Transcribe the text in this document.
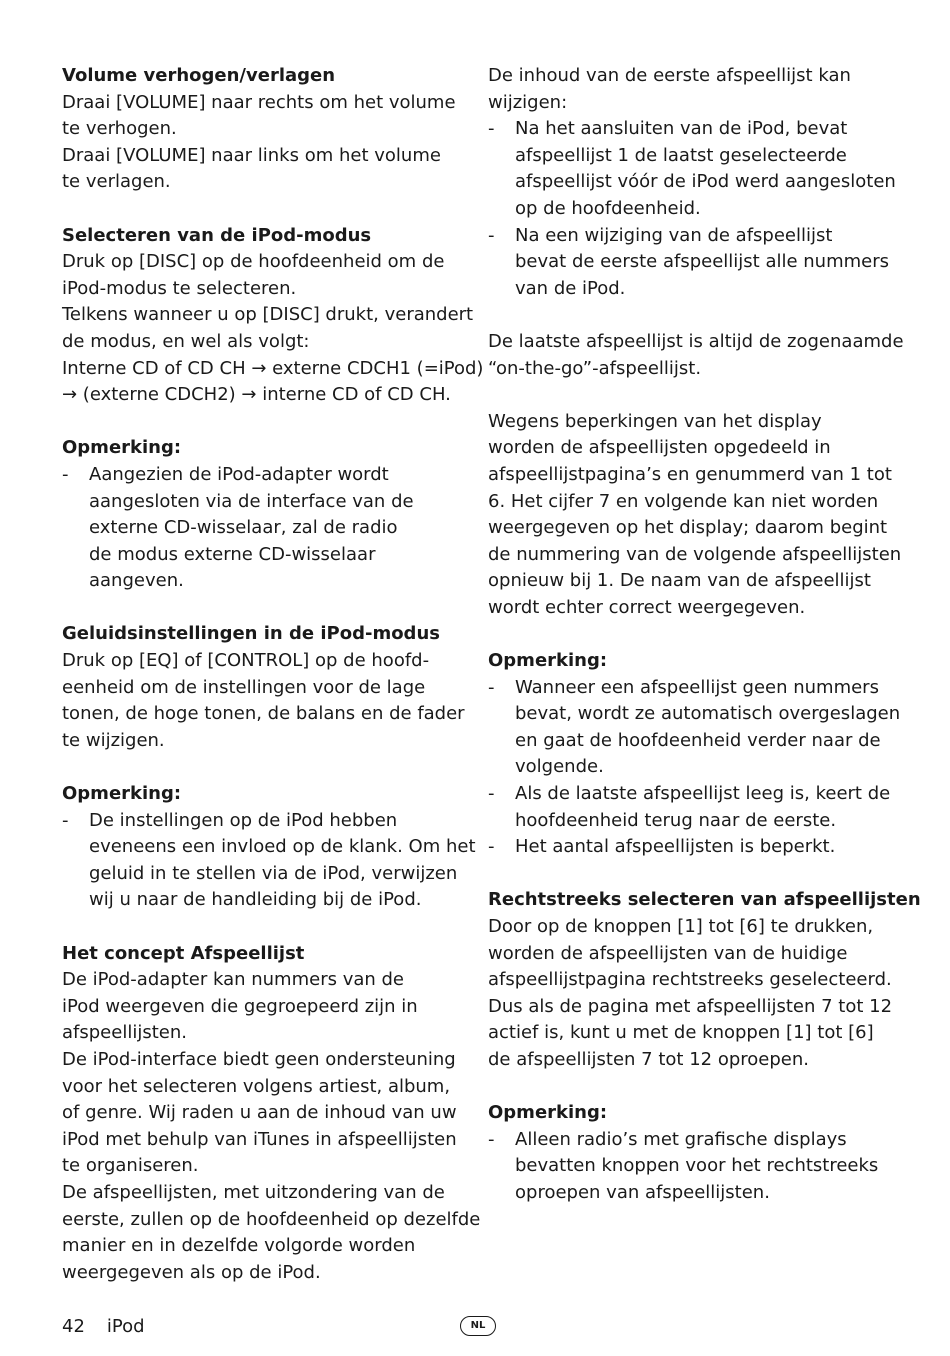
Volume verhogen/verlagen
Draai [VOLUME] naar rechts om het volume
te verhogen.
Draai [VOLUME] naar links om het volume
te verlagen.
Selecteren van de iPod-modus
Druk op [DISC] op de hoofdeenheid om de
iPod-modus te selecteren.
Telkens wanneer u op [DISC] drukt, verandert
de modus, en wel als volgt:
Interne CD of CD CH → externe CDCH1 (=iPod)
→ (externe CDCH2) → interne CD of CD CH.
Opmerking:
- Aangezien de iPod-adapter wordt
aangesloten via de interface van de
externe CD-wisselaar, zal de radio
de modus externe CD-wisselaar
aangeven.
Geluidsinstellingen in de iPod-modus
Druk op [EQ] of [CONTROL] op de hoofd-
eenheid om de instellingen voor de lage
tonen, de hoge tonen, de balans en de fader
te wijzigen.
Opmerking:
- De instellingen op de iPod hebben
eveneens een invloed op de klank. Om het
geluid in te stellen via de iPod, verwijzen
wij u naar de handleiding bij de iPod.
Het concept Afspeellijst
De iPod-adapter kan nummers van de
iPod weergeven die gegroepeerd zijn in
afspeellijsten.
De iPod-interface biedt geen ondersteuning
voor het selecteren volgens artiest, album,
of genre. Wij raden u aan de inhoud van uw
iPod met behulp van iTunes in afspeellijsten
te organiseren.
De afspeellijsten, met uitzondering van de
eerste, zullen op de hoofdeenheid op dezelfde
manier en in dezelfde volgorde worden
weergegeven als op de iPod.
De inhoud van de eerste afspeellijst kan
wijzigen:
- Na het aansluiten van de iPod, bevat
afspeellijst 1 de laatst geselecteerde
afspeellijst vóór de iPod werd aangesloten
op de hoofdeenheid.
- Na een wijziging van de afspeellijst
bevat de eerste afspeellijst alle nummers
van de iPod.
De laatste afspeellijst is altijd de zogenaamde
“on-the-go”-afspeellijst.
Wegens beperkingen van het display
worden de afspeellijsten opgedeeld in
afspeellijstpagina’s en genummerd van 1 tot
6. Het cijfer 7 en volgende kan niet worden
weergegeven op het display; daarom begint
de nummering van de volgende afspeellijsten
opnieuw bij 1. De naam van de afspeellijst
wordt echter correct weergegeven.
Opmerking:
- Wanneer een afspeellijst geen nummers
bevat, wordt ze automatisch overgeslagen
en gaat de hoofdeenheid verder naar de
volgende.
- Als de laatste afspeellijst leeg is, keert de
hoofdeenheid terug naar de eerste.
- Het aantal afspeellijsten is beperkt.
Rechtstreeks selecteren van afspeellijsten
Door op de knoppen [1] tot [6] te drukken,
worden de afspeellijsten van de huidige
afspeellijstpagina rechtstreeks geselecteerd.
Dus als de pagina met afspeellijsten 7 tot 12
actief is, kunt u met de knoppen [1] tot [6]
de afspeellijsten 7 tot 12 oproepen.
Opmerking:
- Alleen radio’s met grafische displays
bevatten knoppen voor het rechtstreeks
oproepen van afspeellijsten.
42 iPod	NL
